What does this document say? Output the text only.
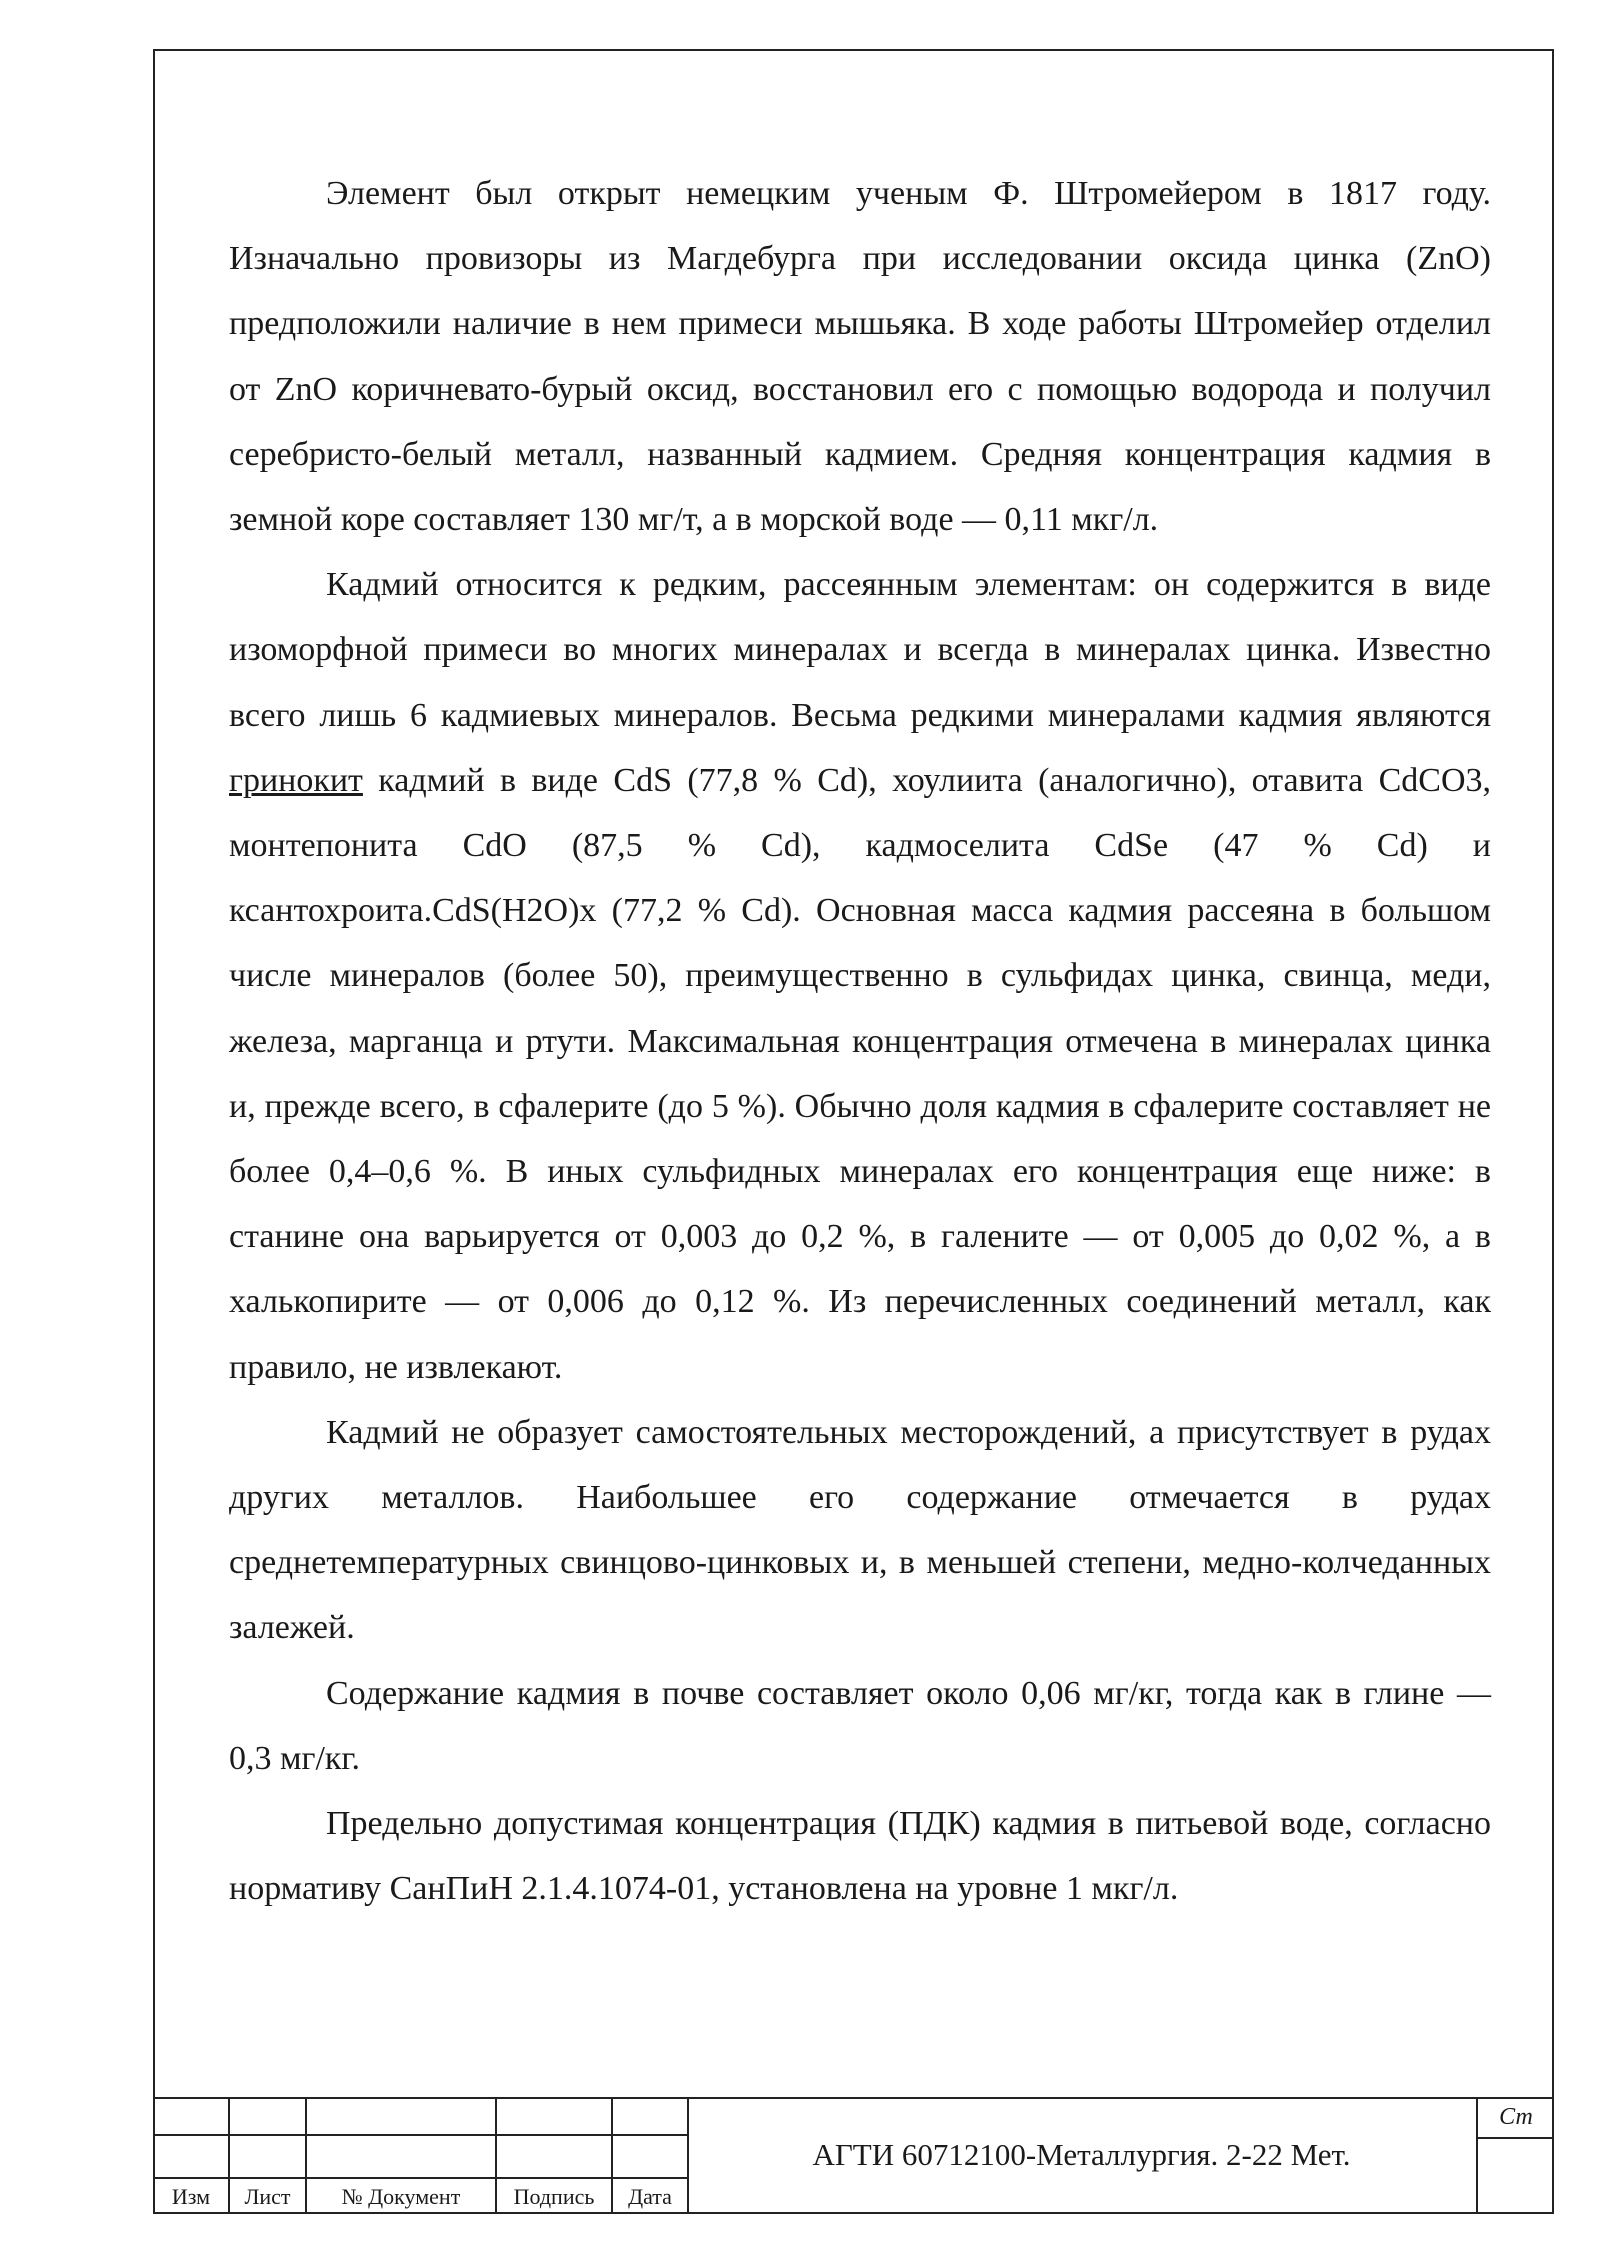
Элемент был открыт немецким ученым Ф. Штромейером в 1817 году. Изначально провизоры из Магдебурга при исследовании оксида цинка (ZnO) предположили наличие в нем примеси мышьяка. В ходе работы Штромейер отделил от ZnO коричневато-бурый оксид, восстановил его с помощью водорода и получил серебристо-белый металл, названный кадмием. Средняя концентрация кадмия в земной коре составляет 130 мг/т, а в морской воде — 0,11 мкг/л.

Кадмий относится к редким, рассеянным элементам: он содержится в виде изоморфной примеси во многих минералах и всегда в минералах цинка. Известно всего лишь 6 кадмиевых минералов. Весьма редкими минералами кадмия являются гринокит кадмий в виде CdS (77,8 % Cd), хоулиита (аналогично), отавита CdCO3, монтепонита CdO (87,5 % Cd), кадмоселита CdSe (47 % Cd) и ксантохроита.CdS(H2O)x (77,2 % Cd). Основная масса кадмия рассеяна в большом числе минералов (более 50), преимущественно в сульфидах цинка, свинца, меди, железа, марганца и ртути. Максимальная концентрация отмечена в минералах цинка и, прежде всего, в сфалерите (до 5 %). Обычно доля кадмия в сфалерите составляет не более 0,4–0,6 %. В иных сульфидных минералах его концентрация еще ниже: в станине она варьируется от 0,003 до 0,2 %, в галените — от 0,005 до 0,02 %, а в халькопирите — от 0,006 до 0,12 %. Из перечисленных соединений металл, как правило, не извлекают.

Кадмий не образует самостоятельных месторождений, а присутствует в рудах других металлов. Наибольшее его содержание отмечается в рудах среднетемпературных свинцово-цинковых и, в меньшей степени, медно-колчеданных залежей.

Содержание кадмия в почве составляет около 0,06 мг/кг, тогда как в глине — 0,3 мг/кг.

Предельно допустимая концентрация (ПДК) кадмия в питьевой воде, согласно нормативу СанПиН 2.1.4.1074-01, установлена на уровне 1 мкг/л.

Изм	Лист	№ Документ	Подпись	Дата
АГТИ 60712100-Металлургия. 2-22 Мет.
Ст
